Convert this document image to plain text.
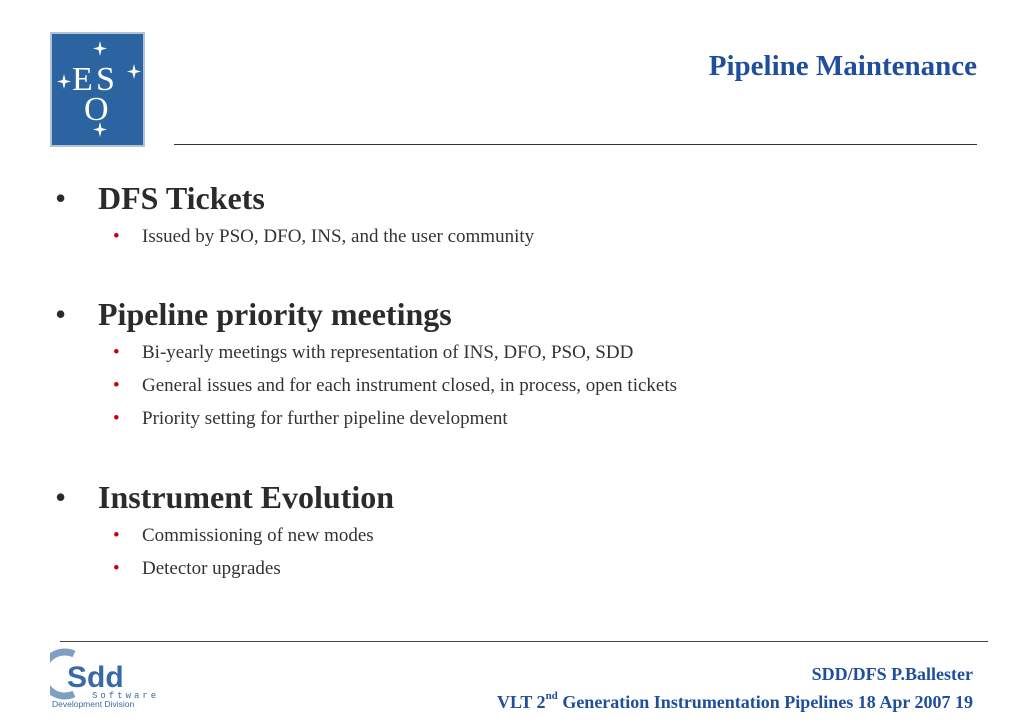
E S
O
Pipeline Maintenance
• DFS Tickets
• Issued by PSO, DFO, INS, and the user community
• Pipeline priority meetings
• Bi-yearly meetings with representation of INS, DFO, PSO, SDD
• General issues and for each instrument closed, in process, open tickets
• Priority setting for further pipeline development
• Instrument Evolution
• Commissioning of new modes
• Detector upgrades
Sdd
Software
Development Division
SDD/DFS P.Ballester
VLT 2nd Generation Instrumentation Pipelines 18 Apr 2007 19
